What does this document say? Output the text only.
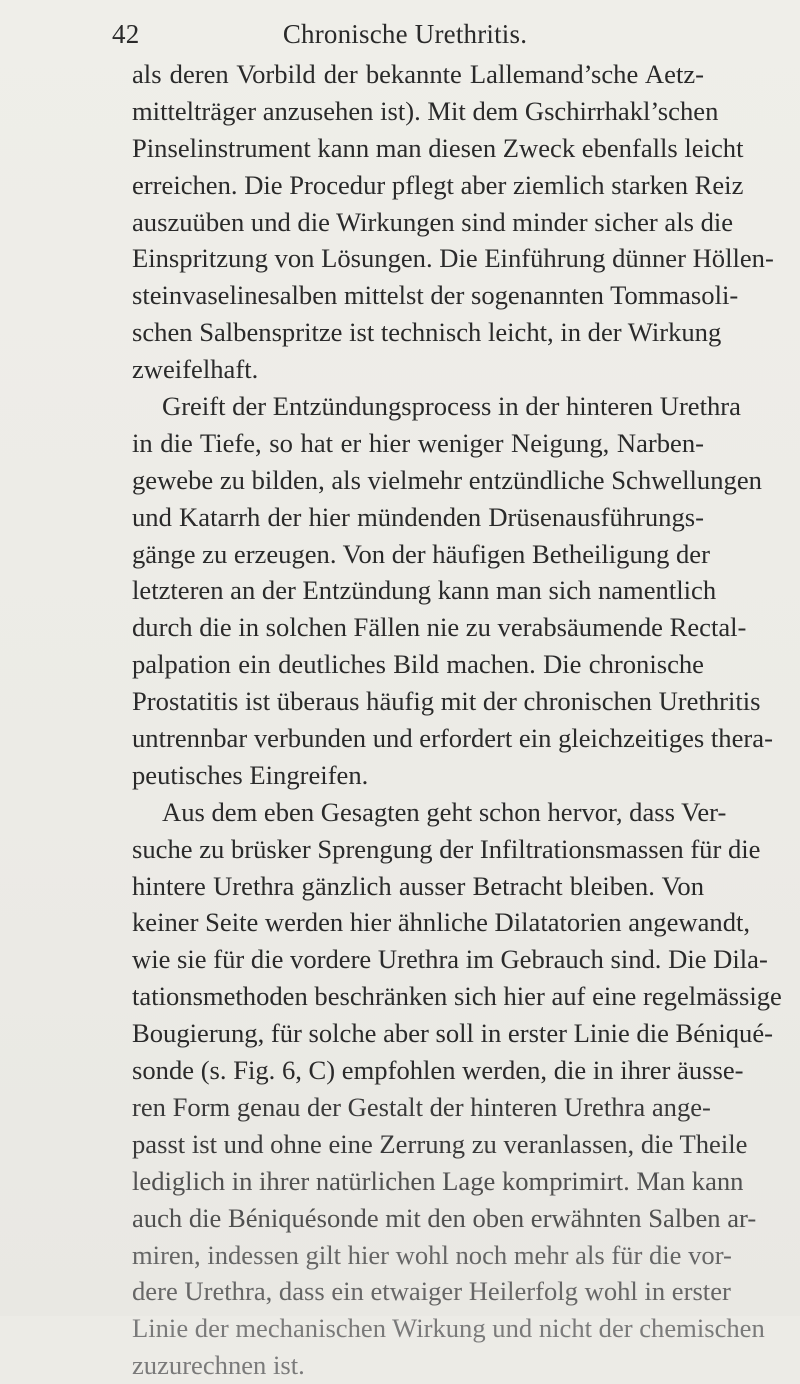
42	Chronische Urethritis.
als deren Vorbild der bekannte Lallemand’sche Aetz-
mittelträger anzusehen ist). Mit dem Gschirrhakl’schen
Pinselinstrument kann man diesen Zweck ebenfalls leicht
erreichen. Die Procedur pflegt aber ziemlich starken Reiz
auszuüben und die Wirkungen sind minder sicher als die
Einspritzung von Lösungen. Die Einführung dünner Höllen-
steinvaselinesalben mittelst der sogenannten Tommasoli-
schen Salbenspritze ist technisch leicht, in der Wirkung
zweifelhaft.
Greift der Entzündungsprocess in der hinteren Urethra
in die Tiefe, so hat er hier weniger Neigung, Narben-
gewebe zu bilden, als vielmehr entzündliche Schwellungen
und Katarrh der hier mündenden Drüsenausführungs-
gänge zu erzeugen. Von der häufigen Betheiligung der
letzteren an der Entzündung kann man sich namentlich
durch die in solchen Fällen nie zu verabsäumende Rectal-
palpation ein deutliches Bild machen. Die chronische
Prostatitis ist überaus häufig mit der chronischen Urethritis
untrennbar verbunden und erfordert ein gleichzeitiges thera-
peutisches Eingreifen.
Aus dem eben Gesagten geht schon hervor, dass Ver-
suche zu brüsker Sprengung der Infiltrationsmassen für die
hintere Urethra gänzlich ausser Betracht bleiben. Von
keiner Seite werden hier ähnliche Dilatatorien angewandt,
wie sie für die vordere Urethra im Gebrauch sind. Die Dila-
tationsmethoden beschränken sich hier auf eine regelmässige
Bougierung, für solche aber soll in erster Linie die Béniqué-
sonde (s. Fig. 6, C) empfohlen werden, die in ihrer äusse-
ren Form genau der Gestalt der hinteren Urethra ange-
passt ist und ohne eine Zerrung zu veranlassen, die Theile
lediglich in ihrer natürlichen Lage komprimirt. Man kann
auch die Béniquésonde mit den oben erwähnten Salben ar-
miren, indessen gilt hier wohl noch mehr als für die vor-
dere Urethra, dass ein etwaiger Heilerfolg wohl in erster
Linie der mechanischen Wirkung und nicht der chemischen
zuzurechnen ist.
